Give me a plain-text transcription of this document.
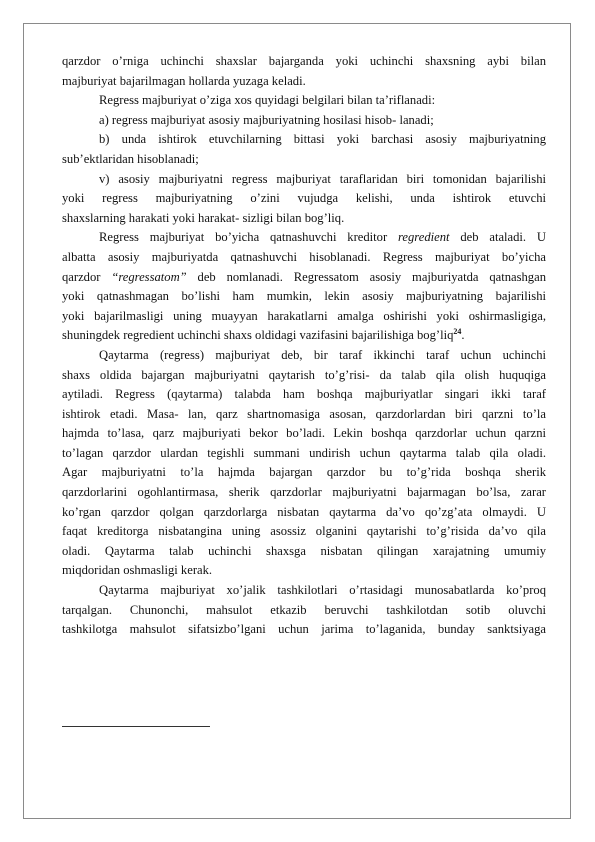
qarzdor o’rniga uchinchi shaxslar bajarganda yoki uchinchi shaxsning aybi bilan
majburiyat bajarilmagan hollarda yuzaga keladi.
Regress majburiyat o’ziga xos quyidagi belgilari bilan ta’riflanadi:
a) regress majburiyat asosiy majburiyatning hosilasi hisob- lanadi;
b) unda ishtirok etuvchilarning bittasi yoki barchasi asosiy majburiyatning
sub’ektlaridan hisoblanadi;
v) asosiy majburiyatni regress majburiyat taraflaridan biri tomonidan bajarilishi
yoki regress majburiyatning o’zini vujudga kelishi, unda ishtirok etuvchi
shaxslarning harakati yoki harakat- sizligi bilan bog’liq.
Regress majburiyat bo’yicha qatnashuvchi kreditor regredient deb ataladi. U
albatta asosiy majburiyatda qatnashuvchi hisoblanadi. Regress majburiyat bo’yicha
qarzdor “regressatom” deb nomlanadi. Regressatom asosiy majburiyatda qatnashgan
yoki qatnashmagan bo’lishi ham mumkin, lekin asosiy majburiyatning bajarilishi
yoki bajarilmasligi uning muayyan harakatlarni amalga oshirishi yoki oshirmasligiga,
shuningdek regredient uchinchi shaxs oldidagi vazifasini bajarilishiga bog’liq$^{24}$.
Qaytarma (regress) majburiyat deb, bir taraf ikkinchi taraf uchun uchinchi
shaxs oldida bajargan majburiyatni qaytarish to’g’risi- da talab qila olish huquqiga
aytiladi. Regress (qaytarma) talabda ham boshqa majburiyatlar singari ikki taraf
ishtirok etadi. Masa- lan, qarz shartnomasiga asosan, qarzdorlardan biri qarzni to’la
hajmda to’lasa, qarz majburiyati bekor bo’ladi. Lekin boshqa qarzdorlar uchun qarzni
to’lagan qarzdor ulardan tegishli summani undirish uchun qaytarma talab qila oladi.
Agar majburiyatni to’la hajmda bajargan qarzdor bu to’g’rida boshqa sherik
qarzdorlarini ogohlantirmasa, sherik qarzdorlar majburiyatni bajarmagan bo’lsa, zarar
ko’rgan qarzdor qolgan qarzdorlarga nisbatan qaytarma da’vo qo’zg’ata olmaydi. U
faqat kreditorga nisbatangina uning asossiz olganini qaytarishi to’g’risida da’vo qila
oladi. Qaytarma talab uchinchi shaxsga nisbatan qilingan xarajatning umumiy
miqdoridan oshmasligi kerak.
Qaytarma majburiyat xo’jalik tashkilotlari o’rtasidagi munosabatlarda ko’proq
tarqalgan. Chunonchi, mahsulot etkazib beruvchi tashkilotdan sotib oluvchi
tashkilotga mahsulot sifatsizbo’lgani uchun jarima to’laganida, bunday sanktsiyaga
